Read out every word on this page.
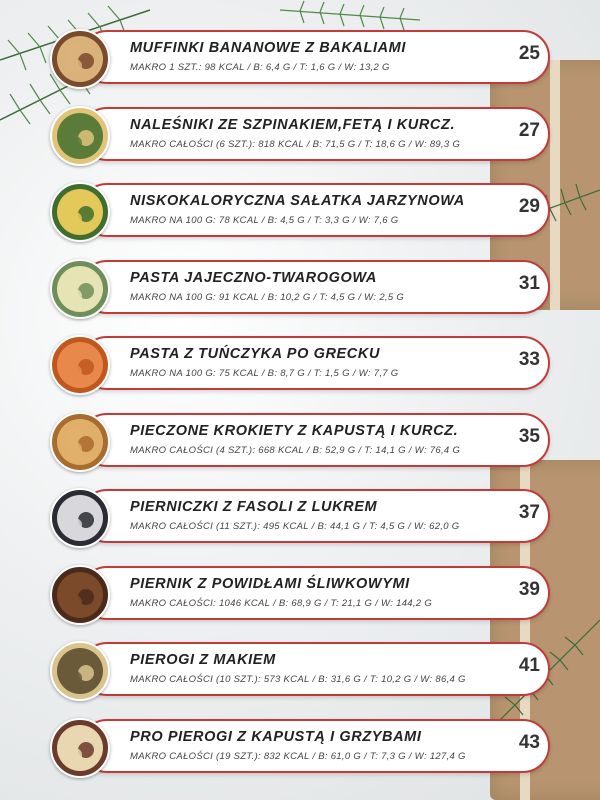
MUFFINKI BANANOWE Z BAKALIAMI
MAKRO 1 SZT.: 98 KCAL / B: 6,4 G / T: 1,6 G / W: 13,2 G
25
NALEŚNIKI ZE SZPINAKIEM,FETĄ I KURCZ.
MAKRO CAŁOŚCI (6 SZT.): 818 KCAL / B: 71,5 G / T: 18,6 G / W: 89,3 G
27
NISKOKALORYCZNA SAŁATKA JARZYNOWA
MAKRO NA 100 G: 78 KCAL / B: 4,5 G / T: 3,3 G / W: 7,6 G
29
PASTA JAJECZNO-TWAROGOWA
MAKRO NA 100 G: 91 KCAL / B: 10,2 G / T: 4,5 G / W: 2,5 G
31
PASTA Z TUŃCZYKA PO GRECKU
MAKRO NA 100 G: 75 KCAL / B: 8,7 G / T: 1,5 G / W: 7,7 G
33
PIECZONE KROKIETY Z KAPUSTĄ I KURCZ.
MAKRO CAŁOŚCI (4 SZT.): 668 KCAL / B: 52,9 G / T: 14,1 G / W: 76,4 G
35
PIERNICZKI Z FASOLI Z LUKREM
MAKRO CAŁOŚCI (11 SZT.): 495 KCAL / B: 44,1 G / T: 4,5 G / W: 62,0 G
37
PIERNIK Z POWIDŁAMI ŚLIWKOWYMI
MAKRO CAŁOŚCI: 1046 KCAL / B: 68,9 G / T: 21,1 G / W: 144,2 G
39
PIEROGI Z MAKIEM
MAKRO CAŁOŚCI (10 SZT.): 573 KCAL / B: 31,6 G / T: 10,2 G / W: 86,4 G
41
PRO PIEROGI Z KAPUSTĄ I GRZYBAMI
MAKRO CAŁOŚCI (19 SZT.): 832 KCAL / B: 61,0 G / T: 7,3 G / W: 127,4 G
43
